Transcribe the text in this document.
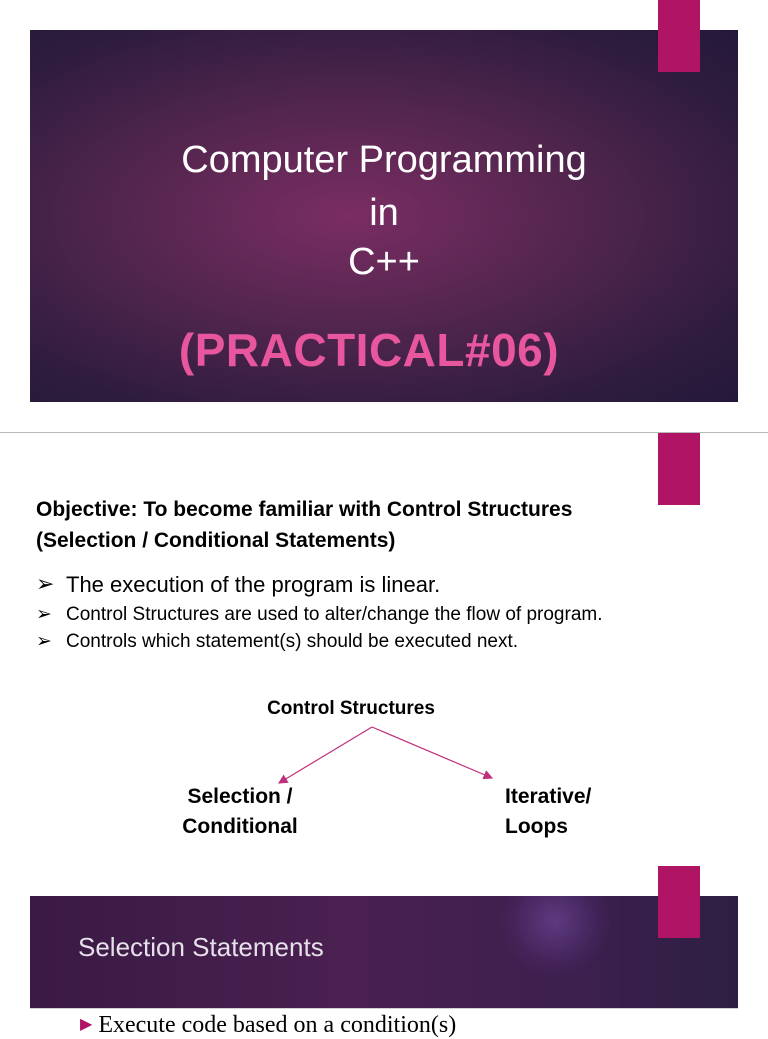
Computer Programming

in

C++

(PRACTICAL#06)

Objective: To become familiar with Control Structures
(Selection / Conditional Statements)

➢ The execution of the program is linear.
➢ Control Structures are used to alter/change the flow of program.
➢ Controls which statement(s) should be executed next.

Control Structures

Selection /
Conditional

Iterative/
Loops

Selection Statements

▶ Execute code based on a condition(s)
